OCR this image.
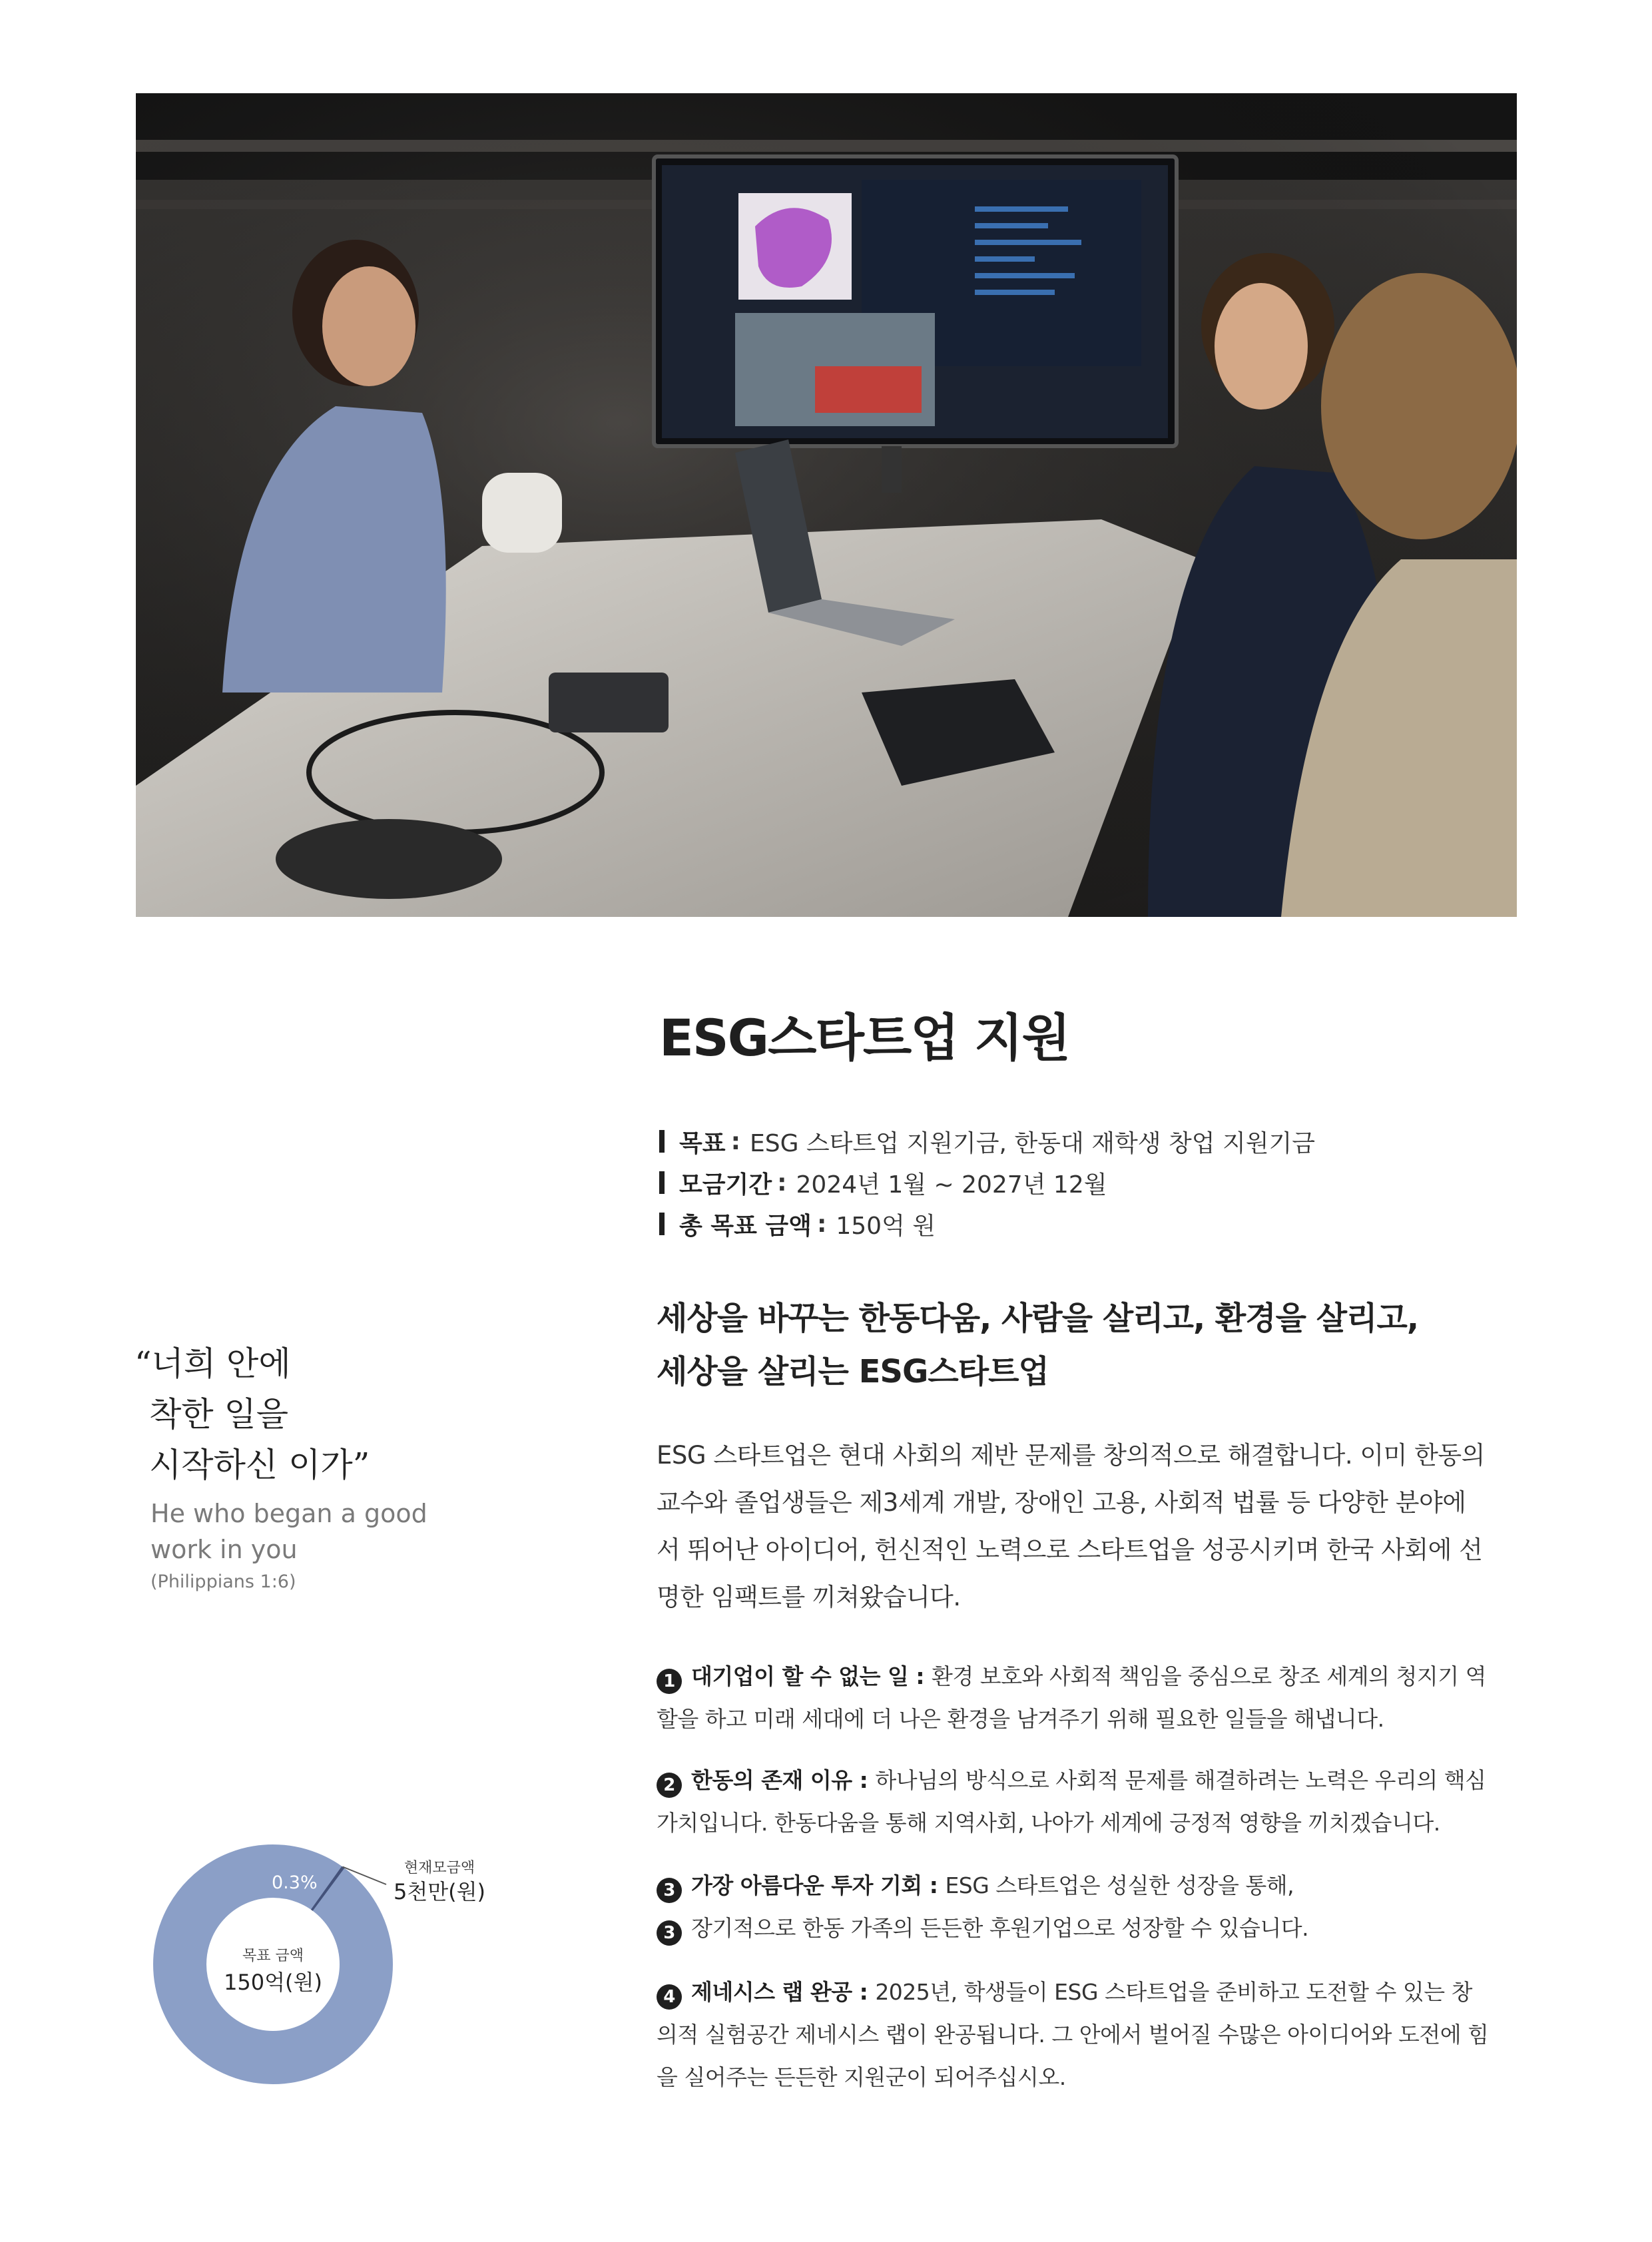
ESG스타트업 지원
목표 : ESG 스타트업 지원기금, 한동대 재학생 창업 지원기금
모금기간 : 2024년 1월 ~ 2027년 12월
총 목표 금액 : 150억 원
세상을 바꾸는 한동다움, 사람을 살리고, 환경을 살리고,
세상을 살리는 ESG스타트업

ESG 스타트업은 현대 사회의 제반 문제를 창의적으로 해결합니다. 이미 한동의 교수와 졸업생들은 제3세계 개발, 장애인 고용, 사회적 법률 등 다양한 분야에서 뛰어난 아이디어, 헌신적인 노력으로 스타트업을 성공시키며 한국 사회에 선명한 임팩트를 끼쳐왔습니다.

1 대기업이 할 수 없는 일 : 환경 보호와 사회적 책임을 중심으로 창조 세계의 청지기 역할을 하고 미래 세대에 더 나은 환경을 남겨주기 위해 필요한 일들을 해냅니다.
2 한동의 존재 이유 : 하나님의 방식으로 사회적 문제를 해결하려는 노력은 우리의 핵심 가치입니다. 한동다움을 통해 지역사회, 나아가 세계에 긍정적 영향을 끼치겠습니다.
3 가장 아름다운 투자 기회 : ESG 스타트업은 성실한 성장을 통해,
3 장기적으로 한동 가족의 든든한 후원기업으로 성장할 수 있습니다.
4 제네시스 랩 완공 : 2025년, 학생들이 ESG 스타트업을 준비하고 도전할 수 있는 창의적 실험공간 제네시스 랩이 완공됩니다. 그 안에서 벌어질 수많은 아이디어와 도전에 힘을 실어주는 든든한 지원군이 되어주십시오.
“너희 안에
착한 일을
시작하신 이가”
He who began a good
work in you
(Philippians 1:6)
0.3%
목표 금액
150억(원)
현재모금액
5천만(원)
